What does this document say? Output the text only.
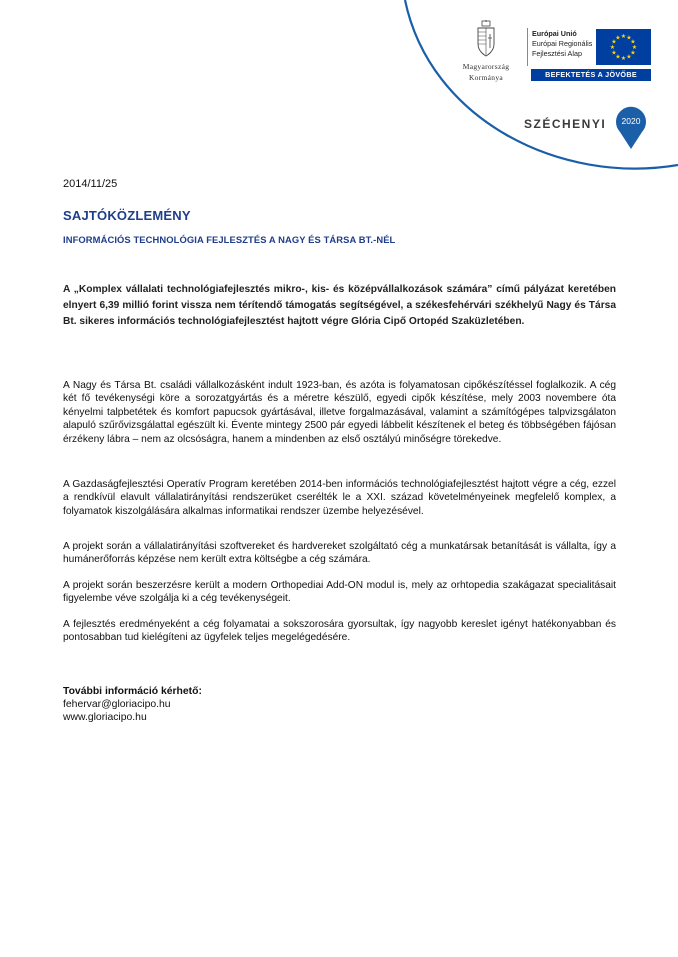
Magyarország
Kormánya
Európai Unió
Európai Regionális
Fejlesztési Alap
★ ★
★
★
★
★
★
★
★
★
★
★
BEFEKTETÉS A JÖVŐBE
SZÉCHENYI 2020
2014/11/25
SAJTÓKÖZLEMÉNY
INFORMÁCIÓS TECHNOLÓGIA FEJLESZTÉS A NAGY ÉS TÁRSA BT.-NÉL

A „Komplex vállalati technológiafejlesztés mikro-, kis- és középvállalkozások számára” című pályázat keretében elnyert 6,39 millió forint vissza nem térítendő támogatás segítségével, a székesfehérvári székhelyű Nagy és Társa Bt. sikeres információs technológiafejlesztést hajtott végre Glória Cipő Ortopéd Szaküzletében.

A Nagy és Társa Bt. családi vállalkozásként indult 1923-ban, és azóta is folyamatosan cipőkészítéssel foglalkozik. A cég két fő tevékenységi köre a sorozatgyártás és a méretre készülő, egyedi cipők készítése, mely 2003 novembere óta kényelmi talpbetétek és komfort papucsok gyártásával, illetve forgalmazásával, valamint a számítógépes talpvizsgálaton alapuló szűrővizsgálattal egészült ki. Évente mintegy 2500 pár egyedi lábbelit készítenek el beteg és többségében fájósan érzékeny lábra – nem az olcsóságra, hanem a mindenben az első osztályú minőségre törekedve.

A Gazdaságfejlesztési Operatív Program keretében 2014-ben információs technológiafejlesztést hajtott végre a cég, ezzel a rendkívül elavult vállalatirányítási rendszerüket cserélték le a XXI. század követelményeinek megfelelő komplex, a folyamatok kiszolgálására alkalmas informatikai rendszer üzembe helyezésével.

A projekt során a vállalatirányítási szoftvereket és hardvereket szolgáltató cég a munkatársak betanítását is vállalta, így a humánerőforrás képzése nem került extra költségbe a cég számára.

A projekt során beszerzésre került a modern Orthopediai Add-ON modul is, mely az orhtopedia szakágazat specialitásait figyelembe véve szolgálja ki a cég tevékenységeit.

A fejlesztés eredményeként a cég folyamatai a sokszorosára gyorsultak, így nagyobb kereslet igényt hatékonyabban és pontosabban tud kielégíteni az ügyfelek teljes megelégedésére.

További információ kérhető:
fehervar@gloriacipo.hu
www.gloriacipo.hu
